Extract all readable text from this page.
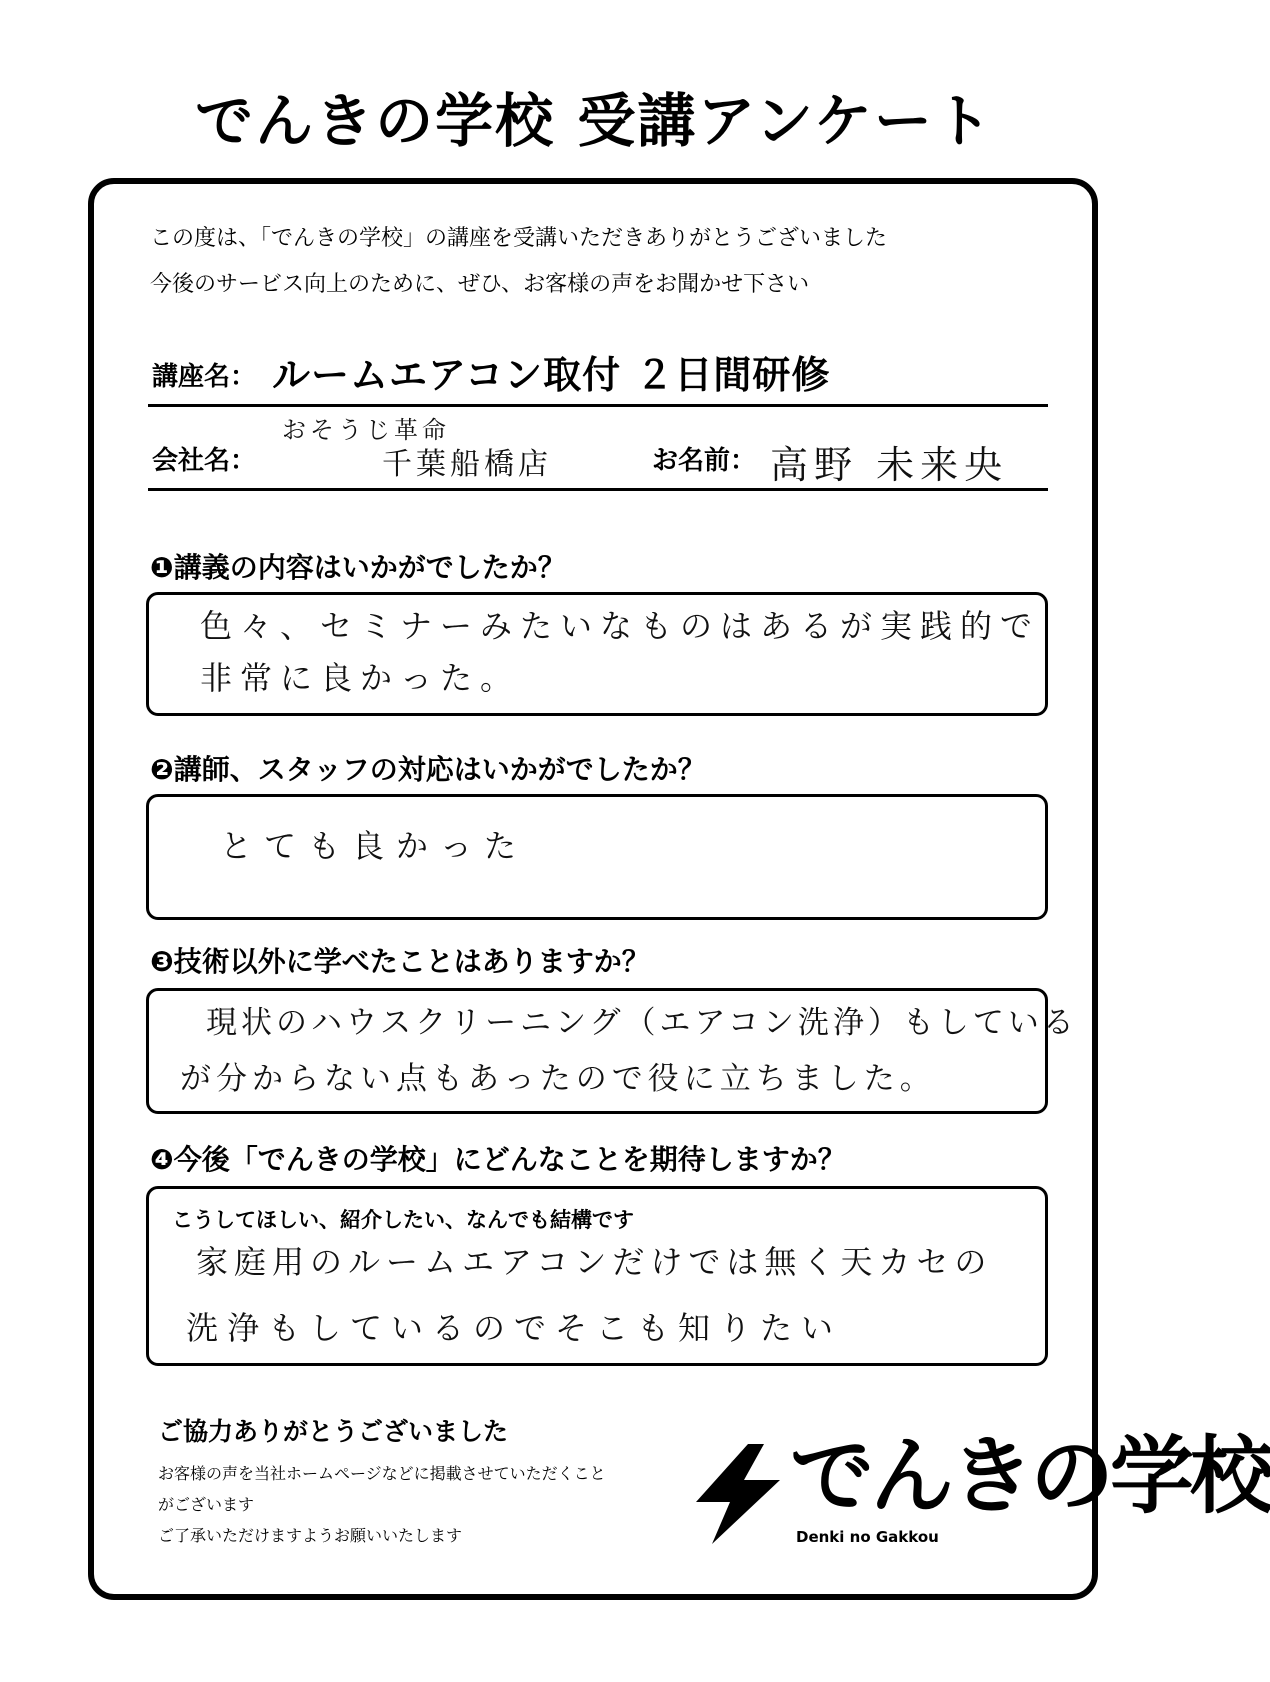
でんきの学校 受講アンケート
この度は、「でんきの学校」の講座を受講いただきありがとうございました
今後のサービス向上のために、ぜひ、お客様の声をお聞かせ下さい
講座名： ルームエアコン取付 ２日間研修
会社名：
おそうじ革命
千葉船橋店	お名前： 高野 未来央
❶講義の内容はいかがでしたか？
色々、セミナーみたいなものはあるが実践的で
非常に良かった。
❷講師、スタッフの対応はいかがでしたか？
とても良かった
❸技術以外に学べたことはありますか？
現状のハウスクリーニング（エアコン洗浄）もしている
が分からない点もあったので役に立ちました。
❹今後「でんきの学校」にどんなことを期待しますか？
こうしてほしい、紹介したい、なんでも結構です
家庭用のルームエアコンだけでは無く天カセの
洗浄もしているのでそこも知りたい
ご協力ありがとうございました
お客様の声を当社ホームページなどに掲載させていただくこと
がございます
ご了承いただけますようお願いいたします
でんきの学校
Denki no Gakkou
